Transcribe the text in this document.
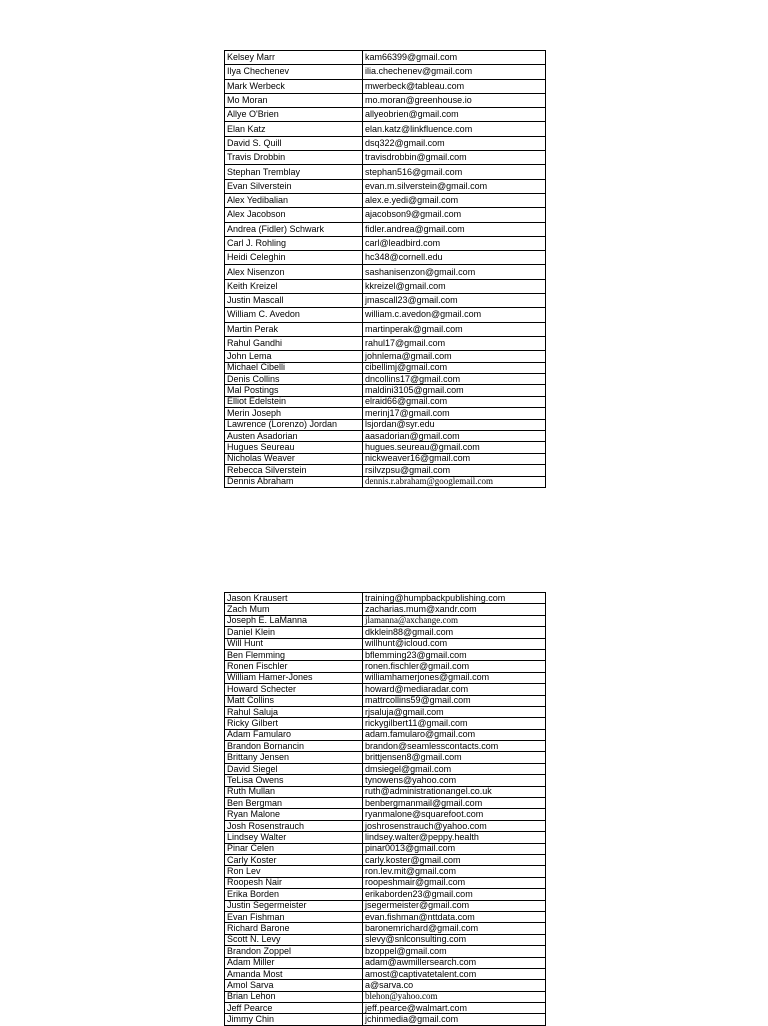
Kelsey Marr	kam66399@gmail.com
Ilya Chechenev	ilia.chechenev@gmail.com
Mark Werbeck	mwerbeck@tableau.com
Mo Moran	mo.moran@greenhouse.io
Allye O'Brien	allyeobrien@gmail.com
Elan Katz	elan.katz@linkfluence.com
David S. Quill	dsq322@gmail.com
Travis Drobbin	travisdrobbin@gmail.com
Stephan Tremblay	stephan516@gmail.com
Evan Silverstein	evan.m.silverstein@gmail.com
Alex Yedibalian	alex.e.yedi@gmail.com
Alex Jacobson	ajacobson9@gmail.com
Andrea (Fidler) Schwark	fidler.andrea@gmail.com
Carl J. Rohling	carl@leadbird.com
Heidi Celeghin	hc348@cornell.edu
Alex Nisenzon	sashanisenzon@gmail.com
Keith Kreizel	kkreizel@gmail.com
Justin Mascall	jmascall23@gmail.com
William C. Avedon	william.c.avedon@gmail.com
Martin Perak	martinperak@gmail.com
Rahul Gandhi	rahul17@gmail.com
John Lema	johnlema@gmail.com
Michael Cibelli	cibellimj@gmail.com
Denis Collins	dncollins17@gmail.com
Mal Postings	maldini3105@gmail.com
Elliot Edelstein	elraid66@gmail.com
Merin Joseph	merinj17@gmail.com
Lawrence (Lorenzo) Jordan	lsjordan@syr.edu
Austen Asadorian	aasadorian@gmail.com
Hugues Seureau	hugues.seureau@gmail.com
Nicholas Weaver	nickweaver16@gmail.com
Rebecca Silverstein	rsilvzpsu@gmail.com
Dennis Abraham	dennis.r.abraham@googlemail.com
Jason Krausert	training@humpbackpublishing.com
Zach Mum	zacharias.mum@xandr.com
Joseph E. LaManna	jlamanna@axchange.com
Daniel Klein	dkklein88@gmail.com
Will Hunt	willhunt@icloud.com
Ben Flemming	bflemming23@gmail.com
Ronen Fischler	ronen.fischler@gmail.com
William Hamer-Jones	williamhamerjones@gmail.com
Howard Schecter	howard@mediaradar.com
Matt Collins	mattrcollins59@gmail.com
Rahul Saluja	rjsaluja@gmail.com
Ricky Gilbert	rickygilbert11@gmail.com
Adam Famularo	adam.famularo@gmail.com
Brandon Bornancin	brandon@seamlesscontacts.com
Brittany Jensen	brittjensen8@gmail.com
David Siegel	dmsiegel@gmail.com
TeLisa Owens	tynowens@yahoo.com
Ruth Mullan	ruth@administrationangel.co.uk
Ben Bergman	benbergmanmail@gmail.com
Ryan Malone	ryanmalone@squarefoot.com
Josh Rosenstrauch	joshrosenstrauch@yahoo.com
Lindsey Walter	lindsey.walter@peppy.health
Pinar Celen	pinar0013@gmail.com
Carly Koster	carly.koster@gmail.com
Ron Lev	ron.lev.mit@gmail.com
Roopesh Nair	roopeshmair@gmail.com
Erika Borden	erikaborden23@gmail.com
Justin Segermeister	jsegermeister@gmail.com
Evan Fishman	evan.fishman@nttdata.com
Richard Barone	baronemrichard@gmail.com
Scott N. Levy	slevy@snlconsulting.com
Brandon Zoppel	bzoppel@gmail.com
Adam Miller	adam@awmillersearch.com
Amanda Most	amost@captivatetalent.com
Amol Sarva	a@sarva.co
Brian Lehon	blehon@yahoo.com
Jeff Pearce	jeff.pearce@walmart.com
Jimmy Chin	jchinmedia@gmail.com
